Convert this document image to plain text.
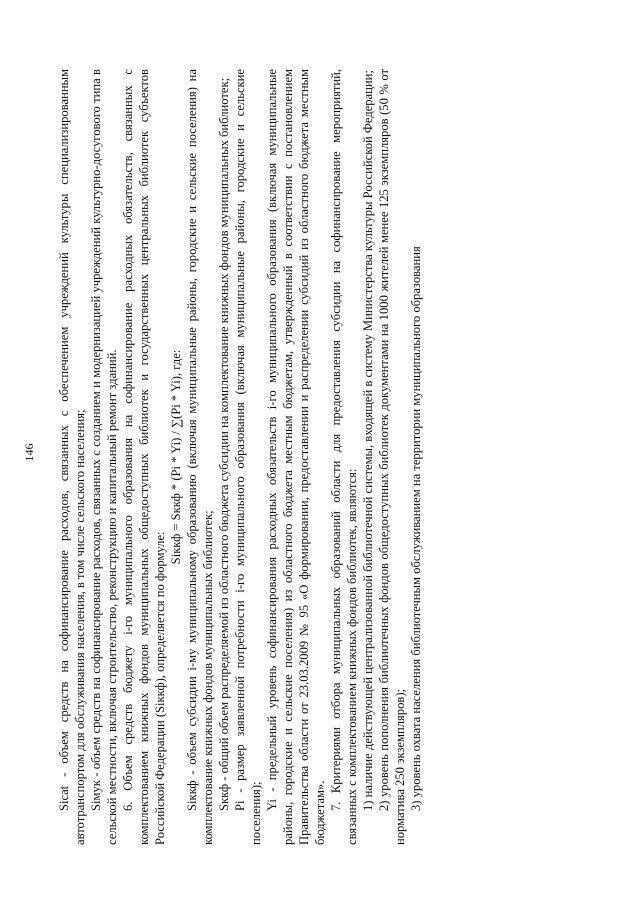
146 Sicat - объем средств на софинансирование расходов, связанных с обеспечением учреждений культуры специализированным автотранспортом для обслуживания населения, в том числе сельского населения; Siмук - объем средств на софинансирование расходов, связанных с созданием и модернизацией учреждений культурно-досугового типа в сельской местности, включая строительство, реконструкцию и капитальный ремонт зданий. 6. Объем средств бюджету i-го муниципального образования на софинансирование расходных обязательств, связанных с комплектованием книжных фондов муниципальных общедоступных библиотек и государственных центральных библиотек субъектов Российской Федерации (Siккф), определяется по формуле:

Siккф = Sккф * (Pi * Yi) / ∑(Pi * Yi), где: Siккф - объем субсидии i-му муниципальному образованию (включая муниципальные районы, городские и сельские поселения) на комплектование книжных фондов муниципальных библиотек; Sккф - общий объем распределяемой из областного бюджета субсидии на комплектование книжных фондов муниципальных библиотек; Pi - размер заявленной потребности i-го муниципального образования (включая муниципальные районы, городские и сельские поселения);

Yi - предельный уровень софинансирования расходных обязательств i-го муниципального образования (включая муниципальные районы, городские и сельские поселения) из областного бюджета местным бюджетам, утвержденный в соответствии с постановлением Правительства области от 23.03.2009 № 95 «О формировании, предоставлении и распределении субсидий из областного бюджета местным бюджетам».

7. Критериями отбора муниципальных образований области для предоставления субсидии на софинансирование мероприятий, связанных с комплектованием книжных фондов библиотек, являются: 1) наличие действующей централизованной библиотечной системы, входящей в систему Министерства культуры Российской Федерации; 2) уровень пополнения библиотечных фондов общедоступных библиотек документами на 1000 жителей менее 125 экземпляров (50 % от норматива 250 экземпляров); 3) уровень охвата населения библиотечным обслуживанием на территории муниципального образования
